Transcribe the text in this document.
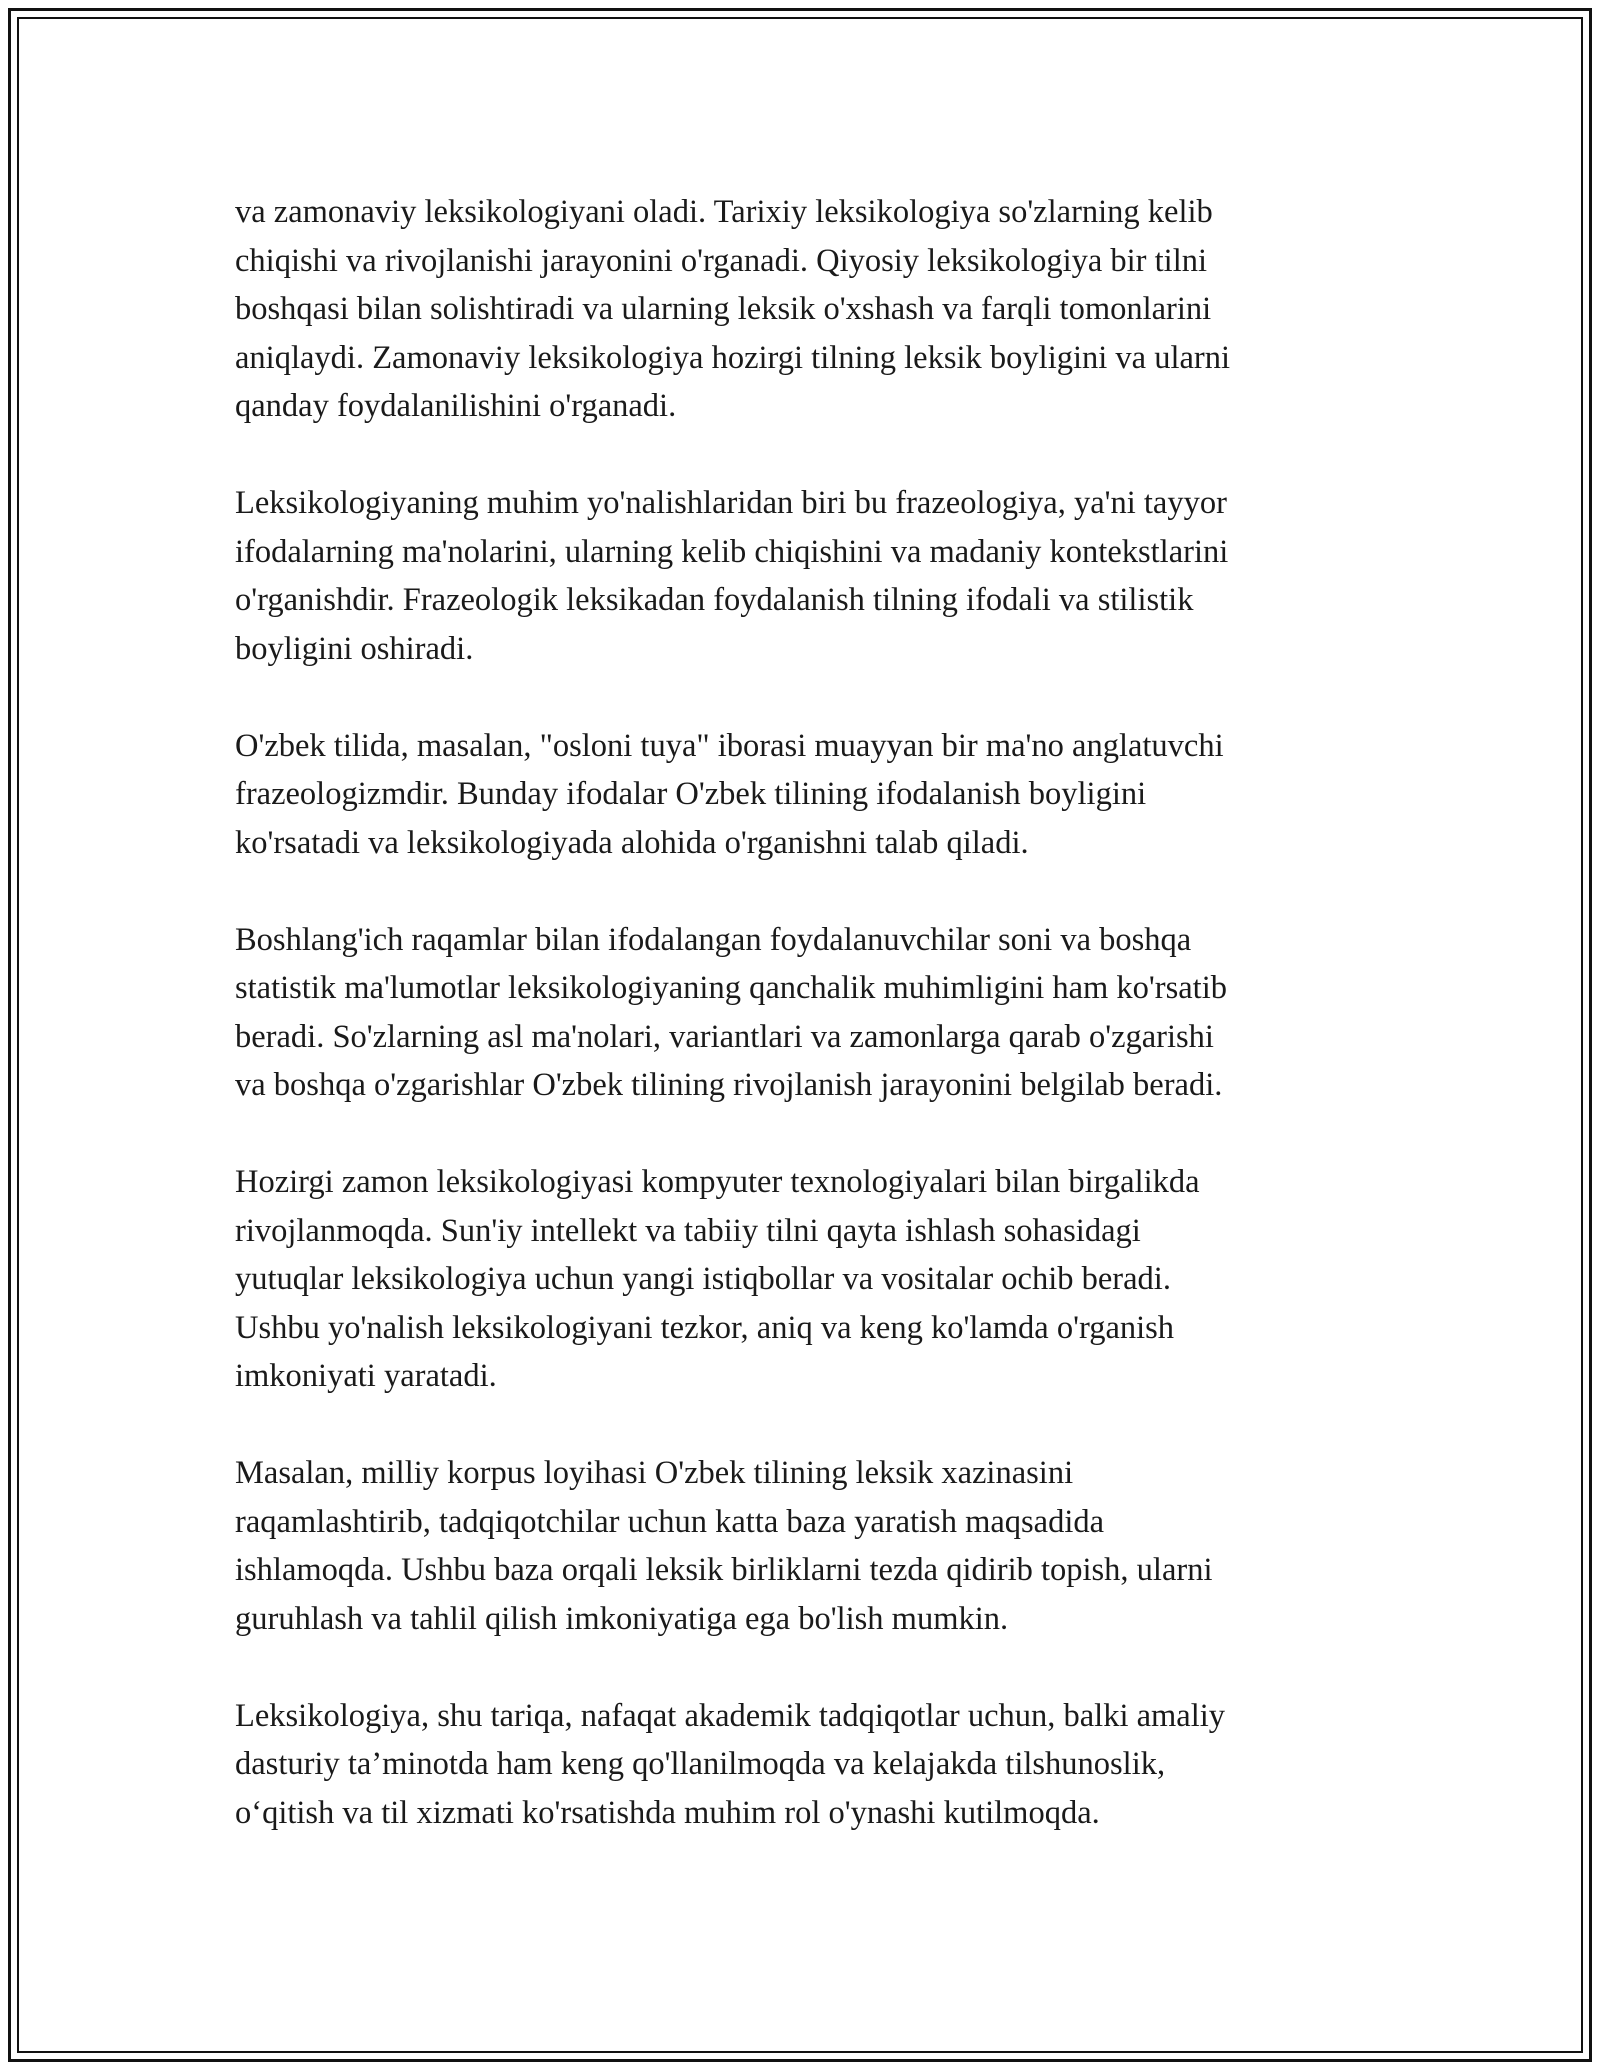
va zamonaviy leksikologiyani oladi. Tarixiy leksikologiya so'zlarning kelib
chiqishi va rivojlanishi jarayonini o'rganadi. Qiyosiy leksikologiya bir tilni
boshqasi bilan solishtiradi va ularning leksik o'xshash va farqli tomonlarini
aniqlaydi. Zamonaviy leksikologiya hozirgi tilning leksik boyligini va ularni
qanday foydalanilishini o'rganadi.

Leksikologiyaning muhim yo'nalishlaridan biri bu frazeologiya, ya'ni tayyor
ifodalarning ma'nolarini, ularning kelib chiqishini va madaniy kontekstlarini
o'rganishdir. Frazeologik leksikadan foydalanish tilning ifodali va stilistik
boyligini oshiradi.

O'zbek tilida, masalan, "osloni tuya" iborasi muayyan bir ma'no anglatuvchi
frazeologizmdir. Bunday ifodalar O'zbek tilining ifodalanish boyligini
ko'rsatadi va leksikologiyada alohida o'rganishni talab qiladi.

Boshlang'ich raqamlar bilan ifodalangan foydalanuvchilar soni va boshqa
statistik ma'lumotlar leksikologiyaning qanchalik muhimligini ham ko'rsatib
beradi. So'zlarning asl ma'nolari, variantlari va zamonlarga qarab o'zgarishi
va boshqa o'zgarishlar O'zbek tilining rivojlanish jarayonini belgilab beradi.

Hozirgi zamon leksikologiyasi kompyuter texnologiyalari bilan birgalikda
rivojlanmoqda. Sun'iy intellekt va tabiiy tilni qayta ishlash sohasidagi
yutuqlar leksikologiya uchun yangi istiqbollar va vositalar ochib beradi.
Ushbu yo'nalish leksikologiyani tezkor, aniq va keng ko'lamda o'rganish
imkoniyati yaratadi.

Masalan, milliy korpus loyihasi O'zbek tilining leksik xazinasini
raqamlashtirib, tadqiqotchilar uchun katta baza yaratish maqsadida
ishlamoqda. Ushbu baza orqali leksik birliklarni tezda qidirib topish, ularni
guruhlash va tahlil qilish imkoniyatiga ega bo'lish mumkin.

Leksikologiya, shu tariqa, nafaqat akademik tadqiqotlar uchun, balki amaliy
dasturiy ta’minotda ham keng qo'llanilmoqda va kelajakda tilshunoslik,
o‘qitish va til xizmati ko'rsatishda muhim rol o'ynashi kutilmoqda.
